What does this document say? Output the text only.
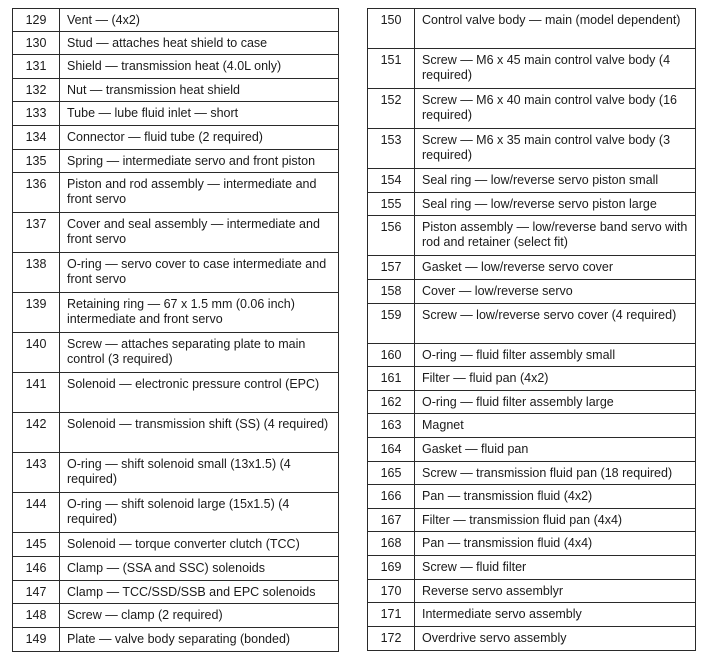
129	Vent — (4x2)
130	Stud — attaches heat shield to case
131	Shield — transmission heat (4.0L only)
132	Nut — transmission heat shield
133	Tube — lube fluid inlet — short
134	Connector — fluid tube (2 required)
135	Spring — intermediate servo and front piston
136	Piston and rod assembly — intermediate and front servo
137	Cover and seal assembly — intermediate and front servo
138	O-ring — servo cover to case intermediate and front servo
139	Retaining ring — 67 x 1.5 mm (0.06 inch) intermediate and front servo
140	Screw — attaches separating plate to main control (3 required)
141	Solenoid — electronic pressure control (EPC)
142	Solenoid — transmission shift (SS) (4 required)
143	O-ring — shift solenoid small (13x1.5) (4 required)
144	O-ring — shift solenoid large (15x1.5) (4 required)
145	Solenoid — torque converter clutch (TCC)
146	Clamp — (SSA and SSC) solenoids
147	Clamp — TCC/SSD/SSB and EPC solenoids
148	Screw — clamp (2 required)
149	Plate — valve body separating (bonded)
150	Control valve body — main (model dependent)
151	Screw — M6 x 45 main control valve body (4 required)
152	Screw — M6 x 40 main control valve body (16 required)
153	Screw — M6 x 35 main control valve body (3 required)
154	Seal ring — low/reverse servo piston small
155	Seal ring — low/reverse servo piston large
156	Piston assembly — low/reverse band servo with rod and retainer (select fit)
157	Gasket — low/reverse servo cover
158	Cover — low/reverse servo
159	Screw — low/reverse servo cover (4 required)
160	O-ring — fluid filter assembly small
161	Filter — fluid pan (4x2)
162	O-ring — fluid filter assembly large
163	Magnet
164	Gasket — fluid pan
165	Screw — transmission fluid pan (18 required)
166	Pan — transmission fluid (4x2)
167	Filter — transmission fluid pan (4x4)
168	Pan — transmission fluid (4x4)
169	Screw — fluid filter
170	Reverse servo assemblyr
171	Intermediate servo assembly
172	Overdrive servo assembly
